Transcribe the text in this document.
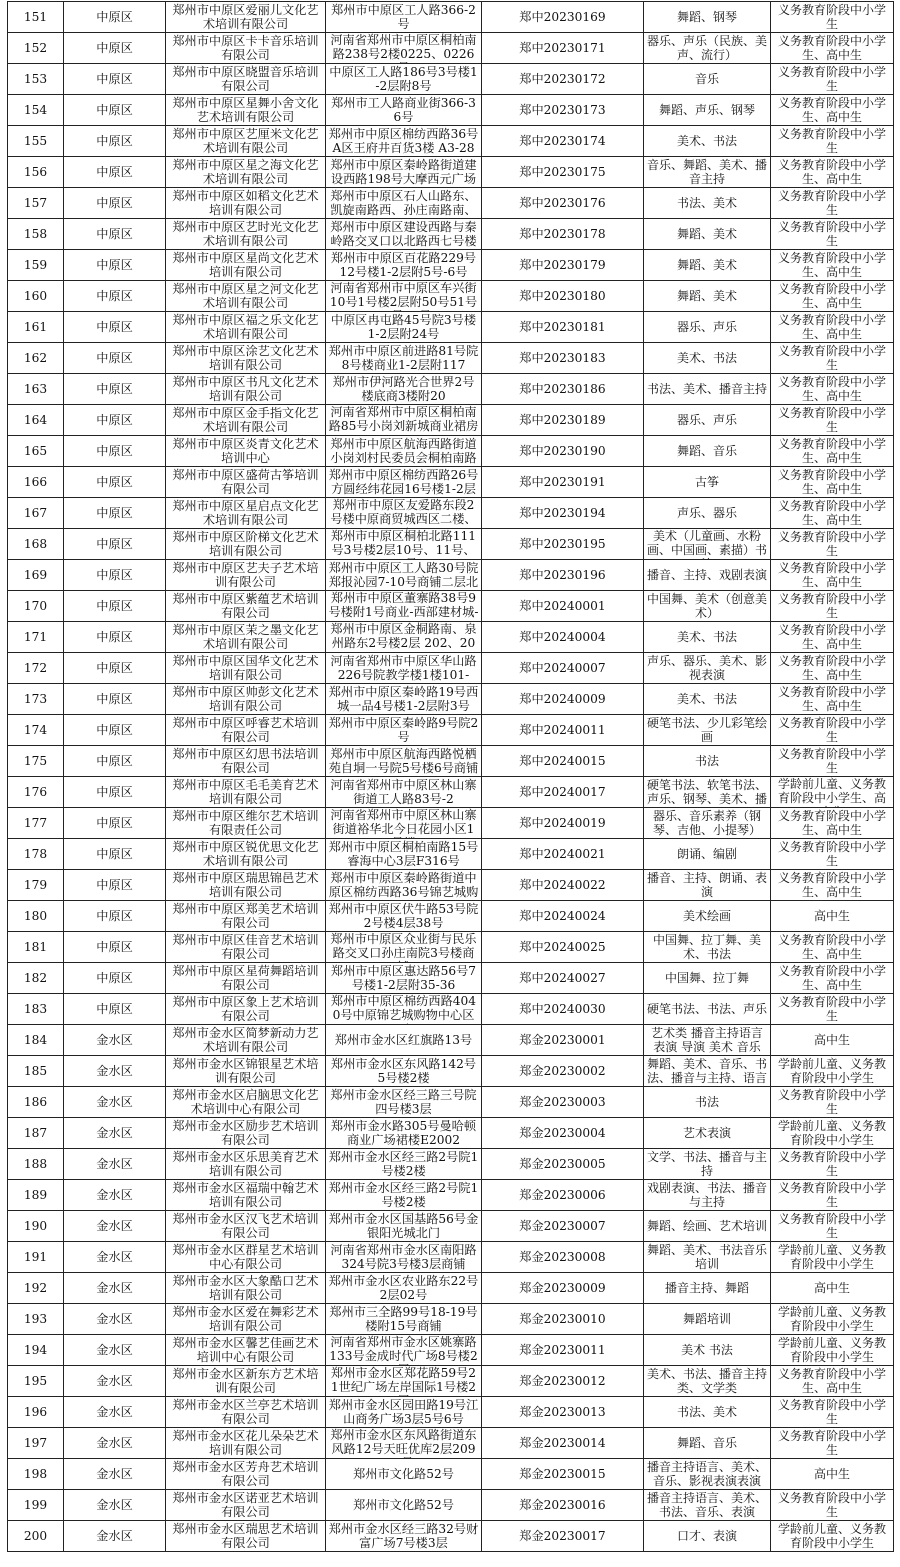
151	中原区	郑州市中原区爱丽儿文化艺术培训有限公司	郑州市中原区工人路366-2号	郑中20230169	舞蹈、钢琴	义务教育阶段中小学生

152	中原区	郑州市中原区卡卡音乐培训有限公司	河南省郑州市中原区桐柏南路238号2楼0225、0226	郑中20230171	器乐、声乐（民族、美声、流行）	义务教育阶段中小学生、高中生

153	中原区	郑州市中原区晓盟音乐培训有限公司	中原区工人路186号3号楼1-2层附8号	郑中20230172	音乐	义务教育阶段中小学生

154	中原区	郑州市中原区星舞小舍文化艺术培训有限公司	郑州市工人路商业街366-36号	郑中20230173	舞蹈、声乐、钢琴	义务教育阶段中小学生、高中生

155	中原区	郑州市中原区艺厘米文化艺术培训有限公司	郑州市中原区棉纺西路36号A区王府井百货3楼 A3-28	郑中20230174	美术、书法	义务教育阶段中小学生

156	中原区	郑州市中原区星之海文化艺术培训有限公司	郑州市中原区秦岭路街道建设西路198号大摩西元广场	郑中20230175	音乐、舞蹈、美术、播音主持	义务教育阶段中小学生、高中生

157	中原区	郑州市中原区如稻文化艺术培训有限公司	郑州市中原区石人山路东、凯旋南路西、孙庄南路南、	郑中20230176	书法、美术	义务教育阶段中小学生

158	中原区	郑州市中原区艺时光文化艺术培训有限公司	郑州市中原区建设西路与秦岭路交叉口以北路西七号楼	郑中20230178	舞蹈、美术	义务教育阶段中小学生

159	中原区	郑州市中原区星尚文化艺术培训有限公司	郑州市中原区百花路229号12号楼1-2层附5号-6号	郑中20230179	舞蹈、美术	义务教育阶段中小学生、高中生

160	中原区	郑州市中原区星之河文化艺术培训有限公司	河南省郑州市中原区车兴街10号1号楼2层附50号51号	郑中20230180	舞蹈、美术	义务教育阶段中小学生、高中生

161	中原区	郑州市中原区福之乐文化艺术培训有限公司	中原区冉屯路45号院3号楼1-2层附24号	郑中20230181	器乐、声乐	义务教育阶段中小学生、高中生

162	中原区	郑州市中原区涂艺文化艺术培训有限公司	郑州市中原区前进路81号院8号楼商业1-2层附117	郑中20230183	美术、书法	义务教育阶段中小学生

163	中原区	郑州市中原区书凡文化艺术培训有限公司	郑州市伊河路光合世界2号楼底商3楼附20	郑中20230186	书法、美术、播音主持	义务教育阶段中小学生、高中生

164	中原区	郑州市中原区金手指文化艺术培训有限公司	河南省郑州市中原区桐柏南路85号小岗刘新城商业裙房	郑中20230189	器乐、声乐	义务教育阶段中小学生

165	中原区	郑州市中原区炎青文化艺术培训中心	郑州市中原区航海西路街道小岗刘村民委员会桐柏南路	郑中20230190	舞蹈、音乐	义务教育阶段中小学生、高中生

166	中原区	郑州市中原区盛荷古筝培训有限公司	郑州市中原区棉纺西路26号方圆经纬花园16号楼1-2层	郑中20230191	古筝	义务教育阶段中小学生、高中生

167	中原区	郑州市中原区星启点文化艺术培训有限公司	郑州市中原区友爱路东段2号楼中原商贸城西区二楼、	郑中20230194	声乐、器乐	义务教育阶段中小学生、高中生

168	中原区	郑州市中原区阶梯文化艺术培训有限公司	郑州市中原区桐柏北路111号3号楼2层10号、11号、	郑中20230195	美术（儿童画、水粉画、中国画、素描）书	义务教育阶段中小学生

169	中原区	郑州市中原区艺夫子艺术培训有限公司	郑州市中原区工人路30号院郑报沁园7-10号商铺二层北	郑中20230196	播音、主持、戏剧表演	义务教育阶段中小学生、高中生

170	中原区	郑州市中原区紫蕴艺术培训有限公司	郑州市中原区董寨路38号9号楼附1号商业-西部建材城-	郑中20240001	中国舞、美术（创意美术）	义务教育阶段中小学生

171	中原区	郑州市中原区茉之墨文化艺术培训有限公司	郑州市中原区金桐路南、泉州路东2号楼2层 202、20	郑中20240004	美术、书法	义务教育阶段中小学生、高中生

172	中原区	郑州市中原区国华文化艺术培训有限公司	河南省郑州市中原区华山路226号院教学楼1楼101-	郑中20240007	声乐、器乐、美术、影视表演	义务教育阶段中小学生、高中生

173	中原区	郑州市中原区帅彭文化艺术培训有限公司	郑州市中原区秦岭路19号西城一品4号楼1-2层附3号	郑中20240009	美术、书法	义务教育阶段中小学生、高中生

174	中原区	郑州市中原区呼睿艺术培训有限公司	郑州市中原区秦岭路9号院2号	郑中20240011	硬笔书法、少儿彩笔绘画	义务教育阶段中小学生

175	中原区	郑州市中原区幻思书法培训有限公司	郑州市中原区航海西路悦栖苑自垌一号院5号楼6号商铺	郑中20240015	书法	义务教育阶段中小学生

176	中原区	郑州市中原区毛毛美育艺术培训有限公司	河南省郑州市中原区林山寨街道工人路83号-2	郑中20240017	硬笔书法、软笔书法、声乐、钢琴、美术、播	学龄前儿童、义务教育阶段中小学生、高

177	中原区	郑州市中原区维尔艺术培训有限责任公司	河南省郑州市中原区林山寨街道裕华北今日花园小区1	郑中20240019	器乐、音乐素养（钢琴、吉他、小提琴）	义务教育阶段中小学生、高中生

178	中原区	郑州市中原区锐优思文化艺术培训有限公司	郑州市中原区桐柏南路15号睿海中心3层F316号	郑中20240021	朗诵、编剧	义务教育阶段中小学生

179	中原区	郑州市中原区瑞思锦邑艺术培训有限公司	郑州市中原区秦岭路街道中原区棉纺西路36号锦艺城购	郑中20240022	播音、主持、朗诵、表演	义务教育阶段中小学生、高中生

180	中原区	郑州市中原区郑美艺术培训有限公司	郑州市中原区伏牛路53号院2号楼4层38号	郑中20240024	美术绘画	高中生

181	中原区	郑州市中原区佳音艺术培训有限公司	郑州市中原区众业街与民乐路交叉口孙庄南院3号楼商	郑中20240025	中国舞、拉丁舞、美术、书法	义务教育阶段中小学生、高中生

182	中原区	郑州市中原区星荷舞蹈培训有限公司	郑州市中原区惠达路56号7号楼1-2层附35-36	郑中20240027	中国舞、拉丁舞	义务教育阶段中小学生、高中生

183	中原区	郑州市中原区象上艺术培训有限公司	郑州市中原区棉纺西路4040号中原锦艺城购物中心区	郑中20240030	硬笔书法、书法、声乐	义务教育阶段中小学生

184	金水区	郑州市金水区简梦新动力艺术培训有限公司	郑州市金水区红旗路13号	郑金20230001	艺术类 播音主持语言表演 导演 美术 音乐	高中生

185	金水区	郑州市金水区锦银星艺术培训有限公司	郑州市金水区东风路142号5号楼2楼	郑金20230002	舞蹈、美术、音乐、书法、播音与主持、语言	学龄前儿童、义务教育阶段中小学生

186	金水区	郑州市金水区启脑思文化艺术培训中心有限公司	郑州市金水区经三路三号院四号楼3层	郑金20230003	书法	义务教育阶段中小学生

187	金水区	郑州市金水区励步艺术培训有限公司	郑州市金水路305号曼哈顿商业广场裙楼E2002	郑金20230004	艺术表演	学龄前儿童、义务教育阶段中小学生

188	金水区	郑州市金水区乐思美育艺术培训有限公司	郑州市金水区经三路2号院1号楼2楼	郑金20230005	文学、书法、播音与主持	义务教育阶段中小学生

189	金水区	郑州市金水区福瑞中翰艺术培训有限公司	郑州市金水区经三路2号院1号楼2楼	郑金20230006	戏剧表演、书法、播音与主持	义务教育阶段中小学生

190	金水区	郑州市金水区汉飞艺术培训有限公司	郑州市金水区国基路56号金银阳光城北门	郑金20230007	舞蹈、绘画、艺术培训	义务教育阶段中小学生

191	金水区	郑州市金水区群星艺术培训中心有限公司	河南省郑州市金水区南阳路324号院3号楼3层商铺	郑金20230008	舞蹈、美术、书法音乐培训	学龄前儿童、义务教育阶段中小学生

192	金水区	郑州市金水区大象酷口艺术培训有限公司	郑州市金水区农业路东22号2层02号	郑金20230009	播音主持、舞蹈	高中生

193	金水区	郑州市金水区爱在舞彩艺术培训有限公司	郑州市三全路99号18-19号楼附15号商铺	郑金20230010	舞蹈培训	学龄前儿童、义务教育阶段中小学生

194	金水区	郑州市金水区馨艺佳画艺术培训中心有限公司	河南省郑州市金水区姚寨路133号金成时代广场8号楼2	郑金20230011	美术 书法	学龄前儿童、义务教育阶段中小学生

195	金水区	郑州市金水区新东方艺术培训有限公司	郑州市金水区郑花路59号21世纪广场左岸国际1号楼2	郑金20230012	美术、书法、播音主持类、文学类	义务教育阶段中小学生、高中生

196	金水区	郑州市金水区兰亭艺术培训有限公司	郑州市金水区园田路19号江山商务广场3层5号6号	郑金20230013	书法、美术	义务教育阶段中小学生

197	金水区	郑州市金水区花儿朵朵艺术培训有限公司	郑州市金水区东风路街道东风路12号天旺优库2层209	郑金20230014	舞蹈、音乐	义务教育阶段中小学生

198	金水区	郑州市金水区芳舟艺术培训有限公司	郑州市文化路52号	郑金20230015	播音主持语言、美术、音乐、影视表演表演	高中生

199	金水区	郑州市金水区诺亚艺术培训有限公司	郑州市文化路52号	郑金20230016	播音主持语言、美术、书法、音乐、表演	义务教育阶段中小学生

200	金水区	郑州市金水区瑞思艺术培训有限公司	郑州市金水区经三路32号财富广场7号楼3层	郑金20230017	口才、表演	学龄前儿童、义务教育阶段中小学生
